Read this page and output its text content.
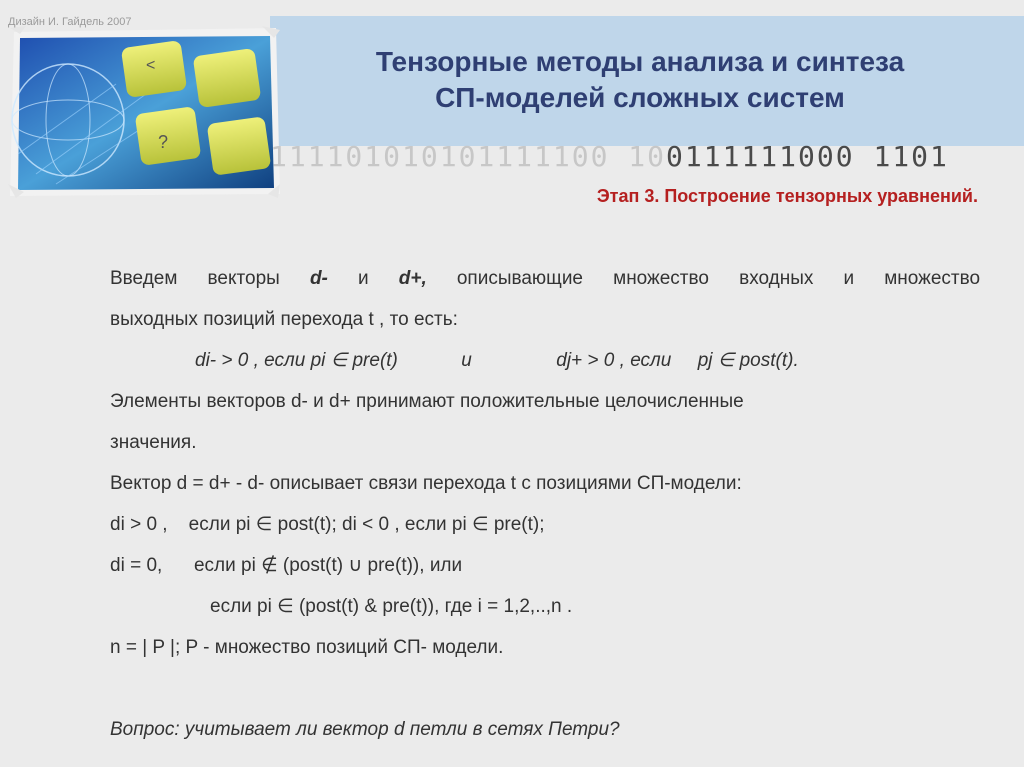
?
<
Дизайн И. Гайдель 2007
Тензорные методы анализа и синтеза
СП-моделей сложных систем
111101010101111100 100111111000 1101
Этап 3. Построение тензорных уравнений.

Введем векторы d- и d+, описывающие множество входных и множество

выходных позиций перехода t , то есть:

di- > 0 , если pi ∈ pre(t)            и                dj+ > 0 , если     pj ∈ post(t).

Элементы векторов d- и d+ принимают положительные целочисленные

значения.

Вектор d = d+ - d- описывает связи перехода t с позициями СП-модели:

di > 0 ,    если pi ∈ post(t); di < 0 , если pi ∈ pre(t);

di = 0,      если pi ∉ (post(t) ∪ pre(t)), или

если pi ∈ (post(t) & pre(t)), где i = 1,2,..,n .

n = | P |; P - множество позиций СП- модели.

Вопрос: учитывает ли вектор d петли в сетях Петри?
